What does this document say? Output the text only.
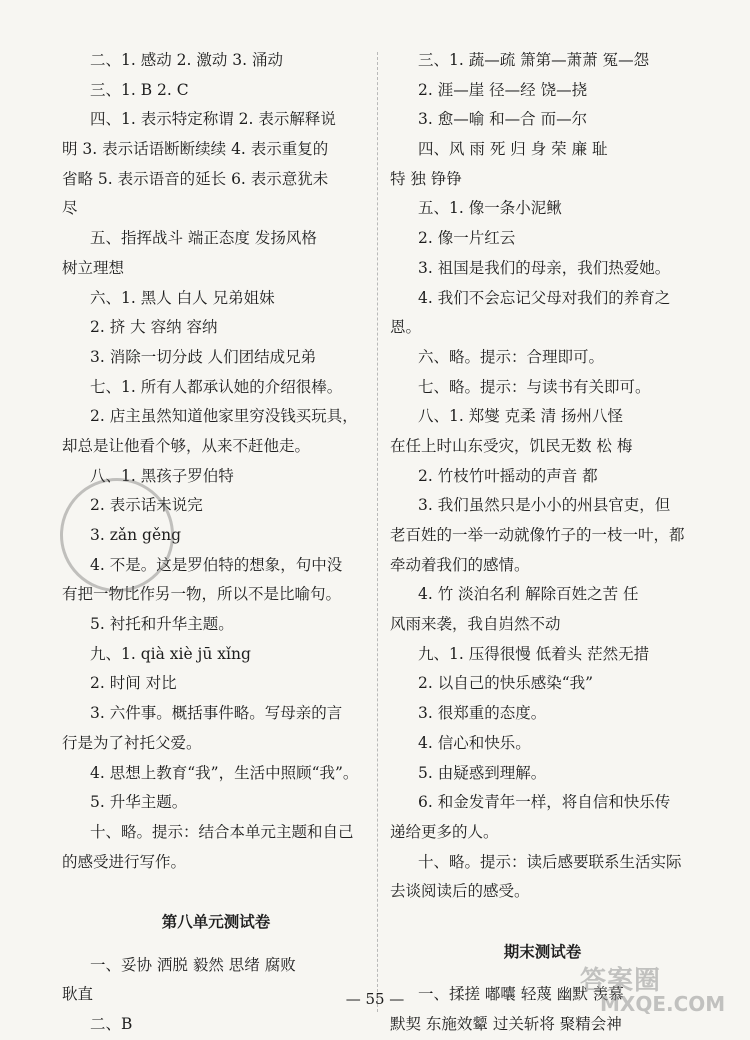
二、1. 感动 2. 激动 3. 涌动
三、1. B 2. C
四、1. 表示特定称谓 2. 表示解释说
明 3. 表示话语断断续续 4. 表示重复的
省略 5. 表示语音的延长 6. 表示意犹未
尽
五、指挥战斗 端正态度 发扬风格
树立理想
六、1. 黑人 白人 兄弟姐妹
2. 挤 大 容纳 容纳
3. 消除一切分歧 人们团结成兄弟
七、1. 所有人都承认她的介绍很棒。
2. 店主虽然知道他家里穷没钱买玩具，
却总是让他看个够，从来不赶他走。
八、1. 黑孩子罗伯特
2. 表示话未说完
3. zǎn gěng
4. 不是。这是罗伯特的想象，句中没
有把一物比作另一物，所以不是比喻句。
5. 衬托和升华主题。
九、1. qià xiè jū xǐng
2. 时间 对比
3. 六件事。概括事件略。写母亲的言
行是为了衬托父爱。
4. 思想上教育“我”，生活中照顾“我”。
5. 升华主题。
十、略。提示：结合本单元主题和自己
的感受进行写作。
第八单元测试卷
一、妥协 洒脱 毅然 思绪 腐败
耿直
二、B
三、1. 蔬—疏 箫第—萧萧 冤—怨
2. 涯—崖 径—经 饶—挠
3. 愈—喻 和—合 而—尔
四、风 雨 死 归 身 荣 廉 耻
特 独 铮铮
五、1. 像一条小泥鳅
2. 像一片红云
3. 祖国是我们的母亲，我们热爱她。
4. 我们不会忘记父母对我们的养育之
恩。
六、略。提示：合理即可。
七、略。提示：与读书有关即可。
八、1. 郑燮 克柔 清 扬州八怪
在任上时山东受灾，饥民无数 松 梅
2. 竹枝竹叶摇动的声音 都
3. 我们虽然只是小小的州县官吏，但
老百姓的一举一动就像竹子的一枝一叶，都
牵动着我们的感情。
4. 竹 淡泊名利 解除百姓之苦 任
风雨来袭，我自岿然不动
九、1. 压得很慢 低着头 茫然无措
2. 以自己的快乐感染“我”
3. 很郑重的态度。
4. 信心和快乐。
5. 由疑惑到理解。
6. 和金发青年一样，将自信和快乐传
递给更多的人。
十、略。提示：读后感要联系生活实际
去谈阅读后的感受。
期末测试卷
一、揉搓 嘟囔 轻蔑 幽默 羡慕
默契 东施效颦 过关斩将 聚精会神
— 55 —
答案圈
MXQE.COM
